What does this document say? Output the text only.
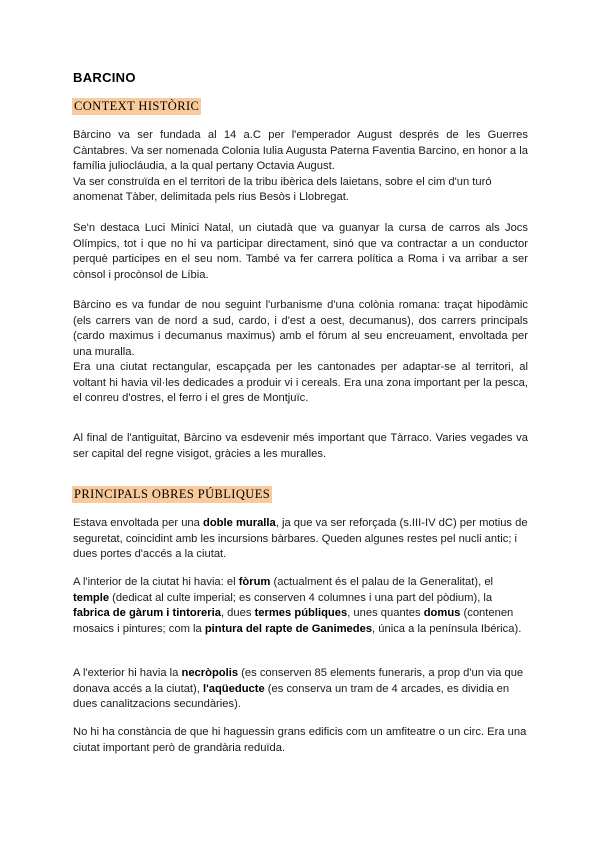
BARCINO
CONTEXT HISTÒRIC

Bàrcino va ser fundada al 14 a.C per l'emperador August després de les Guerres Càntabres. Va ser nomenada Colonia Iulia Augusta Paterna Faventia Barcino, en honor a la família juliocláudia, a la qual pertany Octavia August.

Va ser construïda en el territori de la tribu ibèrica dels laietans, sobre el cim d'un turó anomenat Tàber, delimitada pels rius Besòs i Llobregat.

Se'n destaca Luci Minici Natal, un ciutadà que va guanyar la cursa de carros als Jocs Olímpics, tot i que no hi va participar directament, sinó que va contractar a un conductor perquè participes en el seu nom. També va fer carrera política a Roma i va arribar a ser cònsol i procònsol de Líbia.

Bàrcino es va fundar de nou seguint l'urbanisme d'una colònia romana: traçat hipodàmic (els carrers van de nord a sud, cardo, i d'est a oest, decumanus), dos carrers principals (cardo maximus i decumanus maximus) amb el fòrum al seu encreuament, envoltada per una muralla.

Era una ciutat rectangular, escapçada per les cantonades per adaptar-se al territori, al voltant hi havia vil·les dedicades a produir vi i cereals. Era una zona important per la pesca, el conreu d'ostres, el ferro i el gres de Montjuïc.

Al final de l'antiguitat, Bàrcino va esdevenir més important que Tàrraco. Varies vegades va ser capital del regne visigot, gràcies a les muralles.

PRINCIPALS OBRES PÚBLIQUES

Estava envoltada per una doble muralla, ja que va ser reforçada (s.III-IV dC) per motius de seguretat, coincidint amb les incursions bàrbares. Queden algunes restes pel nucli antic; i dues portes d'accés a la ciutat.

A l'interior de la ciutat hi havia: el fòrum (actualment és el palau de la Generalitat), el temple (dedicat al culte imperial; es conserven 4 columnes i una part del pòdium), la fabrica de gàrum i tintoreria, dues termes públiques, unes quantes domus (contenen mosaics i pintures; com la pintura del rapte de Ganimedes, única a la península Ibérica).

A l'exterior hi havia la necròpolis (es conserven 85 elements funeraris, a prop d'un via que donava accés a la ciutat), l'aqüeducte (es conserva un tram de 4 arcades, es dividia en dues canalitzacions secundàries).

No hi ha constància de que hi haguessin grans edificis com un amfiteatre o un circ. Era una ciutat important però de grandària reduïda.
